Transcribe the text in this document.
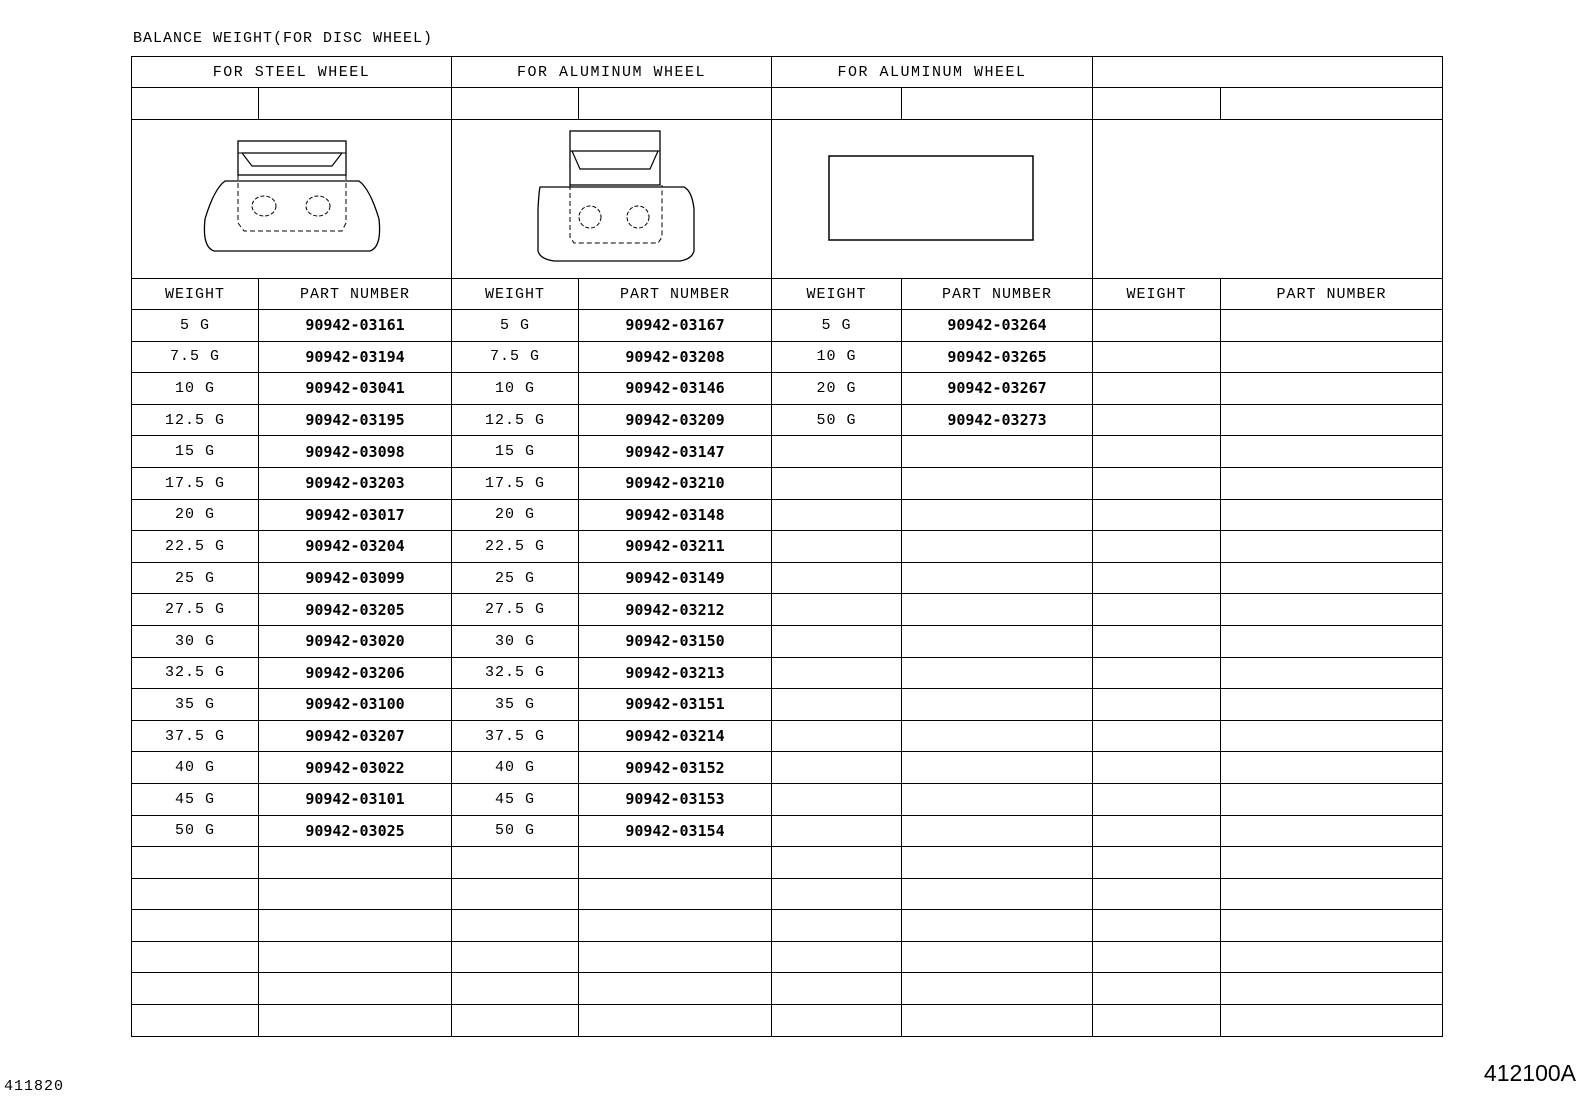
BALANCE WEIGHT(FOR DISC WHEEL)
FOR STEEL WHEEL		FOR ALUMINUM WHEEL		FOR ALUMINUM WHEEL			

WEIGHT	PART NUMBER	WEIGHT	PART NUMBER	WEIGHT	PART NUMBER	WEIGHT	PART NUMBER
5 G	90942-03161	5 G	90942-03167	5 G	90942-03264		
7.5 G	90942-03194	7.5 G	90942-03208	10 G	90942-03265		
10 G	90942-03041	10 G	90942-03146	20 G	90942-03267		
12.5 G	90942-03195	12.5 G	90942-03209	50 G	90942-03273		
15 G	90942-03098	15 G	90942-03147				
17.5 G	90942-03203	17.5 G	90942-03210				
20 G	90942-03017	20 G	90942-03148				
22.5 G	90942-03204	22.5 G	90942-03211				
25 G	90942-03099	25 G	90942-03149				
27.5 G	90942-03205	27.5 G	90942-03212				
30 G	90942-03020	30 G	90942-03150				
32.5 G	90942-03206	32.5 G	90942-03213				
35 G	90942-03100	35 G	90942-03151				
37.5 G	90942-03207	37.5 G	90942-03214				
40 G	90942-03022	40 G	90942-03152				
45 G	90942-03101	45 G	90942-03153				
50 G	90942-03025	50 G	90942-03154				

411820
412100A
